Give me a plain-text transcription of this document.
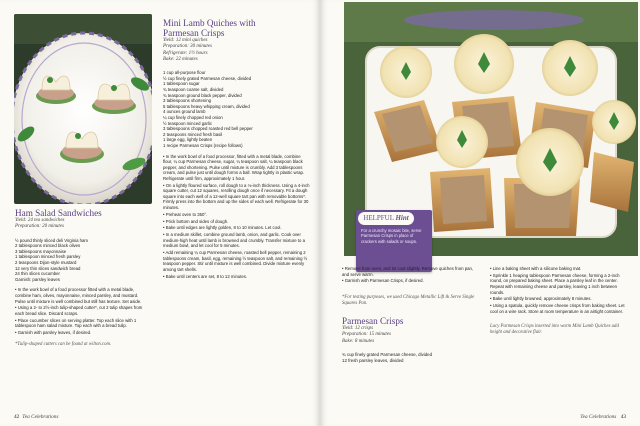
Ham Salad Sandwiches
Yield: 24 tea sandwiches
Preparation: 20 minutes
½ pound thinly sliced deli Virginia ham
2 tablespoons minced black olives
3 tablespoons mayonnaise
1 tablespoon minced fresh parsley
2 teaspoons Dijon-style mustard
12 very thin slices sandwich bread
24 thin slices cucumber
Garnish: parsley leaves

• In the work bowl of a food processor fitted with a metal blade, combine ham, olives, mayonnaise, minced parsley, and mustard. Pulse until mixture is well combined but still has texture. Set aside.

• Using a 2- to 2½-inch tulip-shaped cutter*, cut 2 tulip shapes from each bread slice. Discard scraps.

• Place cucumber slices on serving platter. Top each slice with 1 tablespoon ham salad mixture. Top each with a bread tulip.

• Garnish with parsley leaves, if desired.

*Tulip-shaped cutters can be found at wilton.com.
Mini Lamb Quiches with
Parmesan Crisps
Yield: 12 mini quiches
Preparation: 30 minutes
Refrigerate: 1½ hours
Bake: 22 minutes
1 cup all-purpose flour
½ cup finely grated Parmesan cheese, divided
1 tablespoon sugar
¾ teaspoon coarse salt, divided
¾ teaspoon ground black pepper, divided
3 tablespoons shortening
5 tablespoons heavy whipping cream, divided
4 ounces ground lamb
¼ cup finely chopped red onion
½ teaspoon minced garlic
3 tablespoons chopped roasted red bell pepper
2 teaspoons minced fresh basil
1 large egg, lightly beaten
1 recipe Parmesan Crisps (recipe follows)

• In the work bowl of a food processor, fitted with a metal blade, combine flour, ¼ cup Parmesan cheese, sugar, ¼ teaspoon salt, ¼ teaspoon black pepper, and shortening. Pulse until mixture is crumbly. Add 3 tablespoons cream, and pulse just until dough forms a ball. Wrap tightly in plastic wrap. Refrigerate until firm, approximately 1 hour.

• On a lightly floured surface, roll dough to a ⅛-inch thickness. Using a 4-inch square cutter, cut 12 squares, rerolling dough once if necessary. Fit a dough square into each well of a 12-well square tart pan with removable bottoms*. Firmly press into the bottom and up the sides of each well. Refrigerate for 30 minutes.

• Preheat oven to 350°.

• Prick bottom and sides of dough.

• Bake until edges are lightly golden, 8 to 10 minutes. Let cool.

• In a medium skillet, combine ground lamb, onion, and garlic. Cook over medium-high heat until lamb is browned and crumbly. Transfer mixture to a medium bowl, and let cool for 5 minutes.

• Add remaining ¼ cup Parmesan cheese, roasted bell pepper, remaining 2 tablespoons cream, basil, egg, remaining ½ teaspoon salt, and remaining ½ teaspoon pepper. Stir until mixture is well combined. Divide mixture evenly among tart shells.

• Bake until centers are set, 8 to 12 minutes.

42 Tea Celebrations
HELPFUL Hint
For a crunchy mosaic bite, serve Parmesan Crisps in place of crackers with salads or soups.

• Remove from oven, and let cool slightly. Remove quiches from pan, and serve warm.

• Garnish with Parmesan Crisps, if desired.

*For testing purposes, we used Chicago Metallic Lift & Serve Single Squares Pan.
Parmesan Crisps
Yield: 12 crisps
Preparation: 15 minutes
Bake: 8 minutes
¾ cup finely grated Parmesan cheese, divided
12 fresh parsley leaves, divided

• Line a baking sheet with a silicone baking mat.

• Sprinkle 1 heaping tablespoon Parmesan cheese, forming a 2-inch round, on prepared baking sheet. Place a parsley leaf in the center. Repeat with remaining cheese and parsley, leaving 1 inch between rounds.

• Bake until lightly browned, approximately 8 minutes.

• Using a spatula, quickly remove cheese crisps from baking sheet. Let cool on a wire rack. Store at room temperature in an airtight container.

Lacy Parmesan Crisps inserted into warm Mini Lamb Quiches add height and decorative flair.
Tea Celebrations 43
